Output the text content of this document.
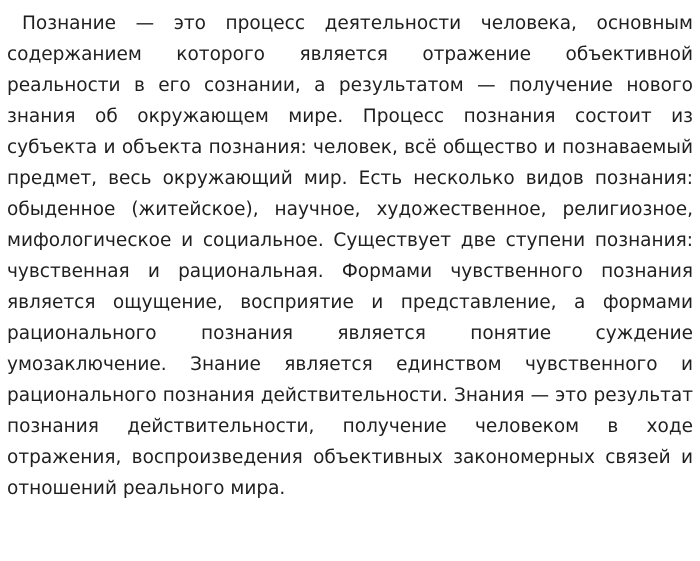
Познание — это процесс деятельности человека, основным содержанием которого является отражение объективной реальности в его сознании, а результатом — получение нового знания об окружающем мире. Процесс познания состоит из субъекта и объекта познания: человек, всё общество и познаваемый предмет, весь окружающий мир. Есть несколько видов познания: обыденное (житейское), научное, художественное, религиозное, мифологическое и социальное. Существует две ступени познания: чувственная и рациональная. Формами чувственного познания является ощущение, восприятие и представление, а формами рационального познания является понятие суждение умозаключение. Знание является единством чувственного и рационального познания действительности. Знания — это результат познания действительности, получение человеком в ходе отражения, воспроизведения объективных закономерных связей и отношений реального мира.
